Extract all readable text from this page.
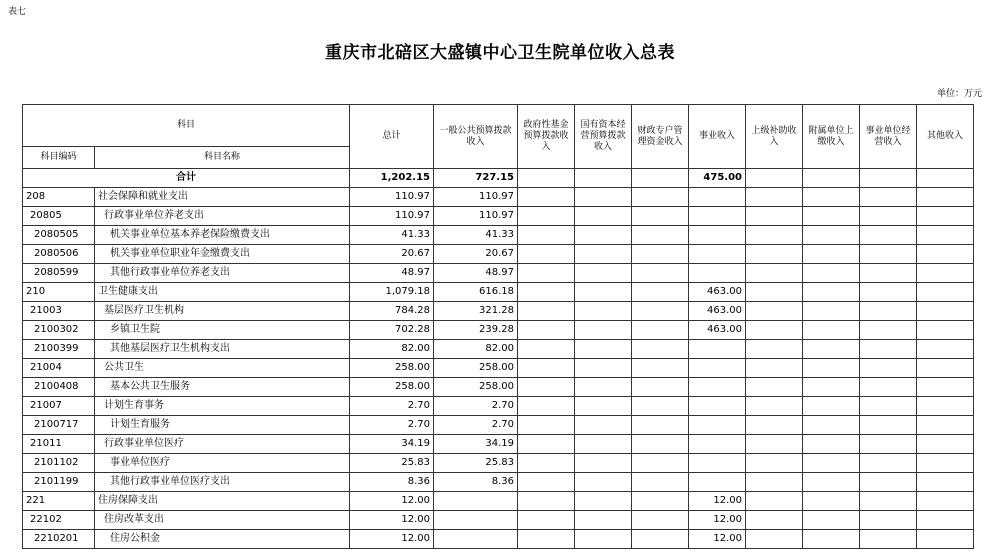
表七
重庆市北碚区大盛镇中心卫生院单位收入总表
单位：万元
科目		总计	一般公共预算拨款收入	政府性基金预算拨款收入	国有资本经营预算拨款收入	财政专户管理资金收入	事业收入	上级补助收入	附属单位上缴收入	事业单位经营收入	其他收入
科目编码	科目名称										
合计		1,202.15	727.15				475.00				
208	社会保障和就业支出	110.97	110.97								
20805	行政事业单位养老支出	110.97	110.97								
2080505	机关事业单位基本养老保险缴费支出	41.33	41.33								
2080506	机关事业单位职业年金缴费支出	20.67	20.67								
2080599	其他行政事业单位养老支出	48.97	48.97								
210	卫生健康支出	1,079.18	616.18				463.00				
21003	基层医疗卫生机构	784.28	321.28				463.00				
2100302	乡镇卫生院	702.28	239.28				463.00				
2100399	其他基层医疗卫生机构支出	82.00	82.00								
21004	公共卫生	258.00	258.00								
2100408	基本公共卫生服务	258.00	258.00								
21007	计划生育事务	2.70	2.70								
2100717	计划生育服务	2.70	2.70								
21011	行政事业单位医疗	34.19	34.19								
2101102	事业单位医疗	25.83	25.83								
2101199	其他行政事业单位医疗支出	8.36	8.36								
221	住房保障支出	12.00					12.00				
22102	住房改革支出	12.00					12.00				
2210201	住房公积金	12.00					12.00				
